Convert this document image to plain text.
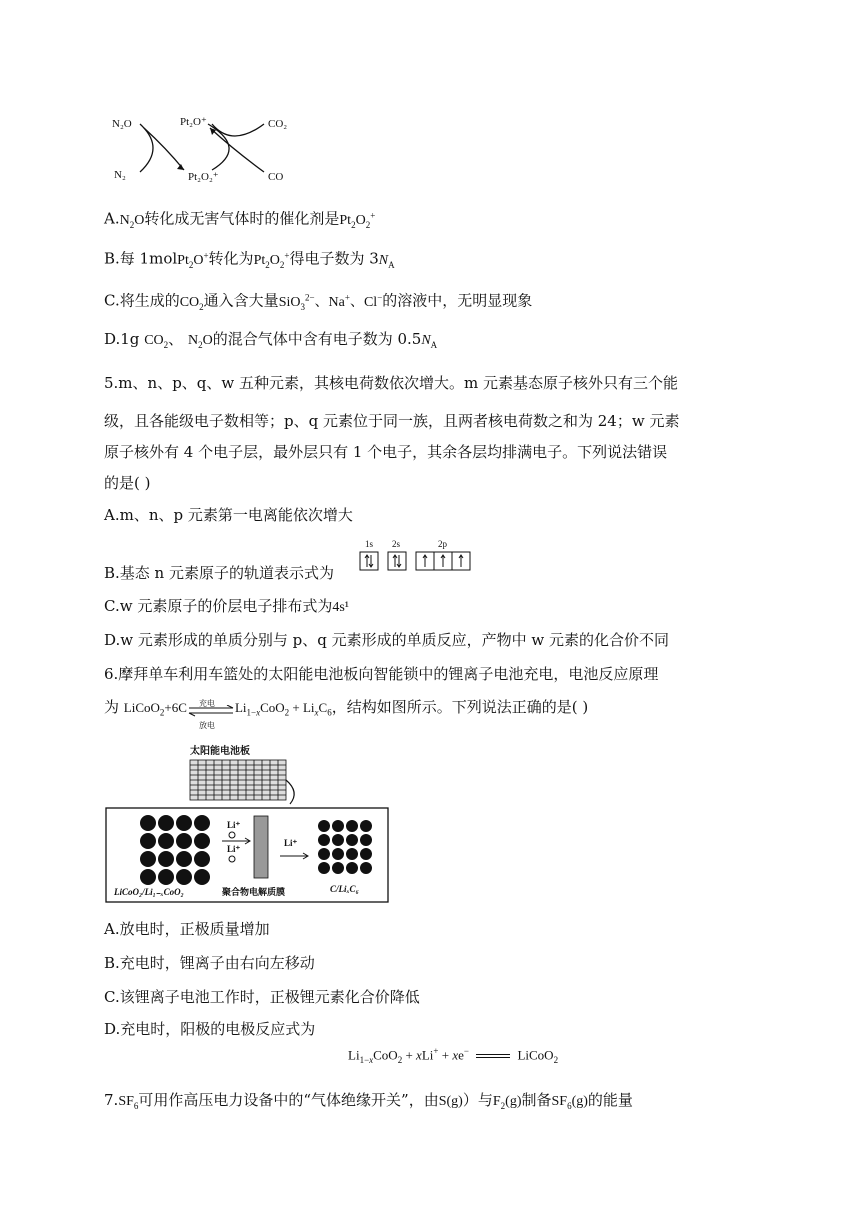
N₂O
N₂
Pt₂O⁺
Pt₂O₂⁺
CO₂
CO
$A.N_2O$转化成无害气体时的催化剂是$Pt_2O_2^+$
B.每 1molPt$_2$O+转化为$Pt_2O_2^+$得电子数为 $3N_A$
C.将生成的$CO_2$通入含大量SiO$_3^{2-}$、Na+、Cl−的溶液中，无明显现象
D.1g $CO_2$、 $N_2O$的混合气体中含有电子数为 $0.5N_A$
5.m、n、p、q、w 五种元素，其核电荷数依次增大。m 元素基态原子核外只有三个能
级，且各能级电子数相等；p、q 元素位于同一族，且两者核电荷数之和为 24；w 元素
原子核外有 4 个电子层，最外层只有 1 个电子，其余各层均排满电子。下列说法错误
的是( )
A.m、n、p 元素第一电离能依次增大
B.基态 n 元素原子的轨道表示式为
1s 2s	2p
C.w 元素原子的价层电子排布式为4s¹
D.w 元素形成的单质分别与 p、q 元素形成的单质反应，产物中 w 元素的化合价不同
6.摩拜单车利用车篮处的太阳能电池板向智能锁中的锂离子电池充电，电池反应原理
为 LiCoO$_2$+6C 充电
放电
$Li_{1-x}CoO_2 + Li_xC_6$，结构如图所示。下列说法正确的是( )
太阳能电池板
Li⁺
Li⁺
Li⁺
LiCoO₂/Li₁₋ₓCoO₂	聚合物电解质膜	C/LiₓC₆
A.放电时，正极质量增加
B.充电时，锂离子由右向左移动
C.该锂离子电池工作时，正极锂元素化合价降低
D.充电时，阳极的电极反应式为
$Li_{1-x}CoO_2 + xLi^+ + xe^-$	LiCoO$_2$
$7.SF_6$可用作高压电力设备中的“气体绝缘开关”，由S(g)）与$F_2(g)$制备$SF_6(g)$的能量
